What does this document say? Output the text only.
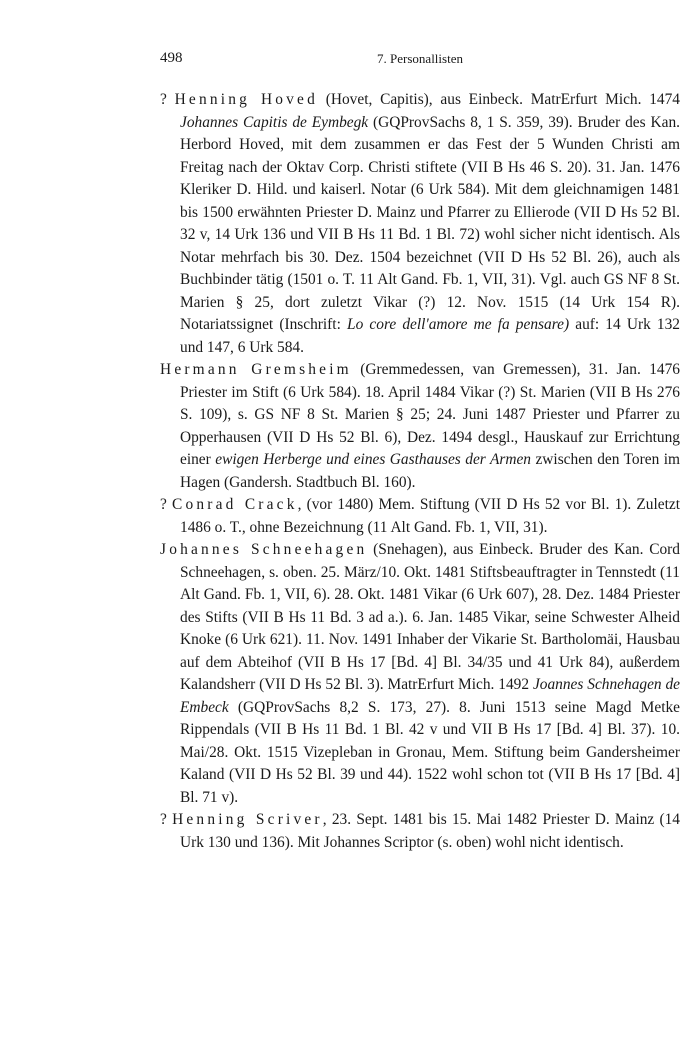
498	7. Personallisten

? Henning Hoved (Hovet, Capitis), aus Einbeck. MatrErfurt Mich. 1474 Johannes Capitis de Eymbegk (GQProvSachs 8, 1 S. 359, 39). Bruder des Kan. Herbord Hoved, mit dem zusammen er das Fest der 5 Wunden Christi am Freitag nach der Oktav Corp. Christi stiftete (VII B Hs 46 S. 20). 31. Jan. 1476 Kleriker D. Hild. und kaiserl. Notar (6 Urk 584). Mit dem gleichnamigen 1481 bis 1500 erwähnten Priester D. Mainz und Pfarrer zu Ellierode (VII D Hs 52 Bl. 32 v, 14 Urk 136 und VII B Hs 11 Bd. 1 Bl. 72) wohl sicher nicht identisch. Als Notar mehrfach bis 30. Dez. 1504 bezeichnet (VII D Hs 52 Bl. 26), auch als Buchbinder tätig (1501 o. T. 11 Alt Gand. Fb. 1, VII, 31). Vgl. auch GS NF 8 St. Marien § 25, dort zuletzt Vikar (?) 12. Nov. 1515 (14 Urk 154 R). Notariatssignet (Inschrift: Lo core dell'amore me fa pensare) auf: 14 Urk 132 und 147, 6 Urk 584.

Hermann Gremsheim (Gremmedessen, van Gremessen), 31. Jan. 1476 Priester im Stift (6 Urk 584). 18. April 1484 Vikar (?) St. Marien (VII B Hs 276 S. 109), s. GS NF 8 St. Marien § 25; 24. Juni 1487 Priester und Pfarrer zu Opperhausen (VII D Hs 52 Bl. 6), Dez. 1494 desgl., Hauskauf zur Errichtung einer ewigen Herberge und eines Gasthauses der Armen zwischen den Toren im Hagen (Gandersh. Stadtbuch Bl. 160).

? Conrad Crack, (vor 1480) Mem. Stiftung (VII D Hs 52 vor Bl. 1). Zuletzt 1486 o. T., ohne Bezeichnung (11 Alt Gand. Fb. 1, VII, 31).

Johannes Schneehagen (Snehagen), aus Einbeck. Bruder des Kan. Cord Schneehagen, s. oben. 25. März/10. Okt. 1481 Stiftsbeauftragter in Tennstedt (11 Alt Gand. Fb. 1, VII, 6). 28. Okt. 1481 Vikar (6 Urk 607), 28. Dez. 1484 Priester des Stifts (VII B Hs 11 Bd. 3 ad a.). 6. Jan. 1485 Vikar, seine Schwester Alheid Knoke (6 Urk 621). 11. Nov. 1491 Inhaber der Vikarie St. Bartholomäi, Hausbau auf dem Abteihof (VII B Hs 17 [Bd. 4] Bl. 34/35 und 41 Urk 84), außerdem Kalandsherr (VII D Hs 52 Bl. 3). MatrErfurt Mich. 1492 Joannes Schnehagen de Embeck (GQProvSachs 8,2 S. 173, 27). 8. Juni 1513 seine Magd Metke Rippendals (VII B Hs 11 Bd. 1 Bl. 42 v und VII B Hs 17 [Bd. 4] Bl. 37). 10. Mai/28. Okt. 1515 Vizepleban in Gronau, Mem. Stiftung beim Gandersheimer Kaland (VII D Hs 52 Bl. 39 und 44). 1522 wohl schon tot (VII B Hs 17 [Bd. 4] Bl. 71 v).

? Henning Scriver, 23. Sept. 1481 bis 15. Mai 1482 Priester D. Mainz (14 Urk 130 und 136). Mit Johannes Scriptor (s. oben) wohl nicht identisch.
